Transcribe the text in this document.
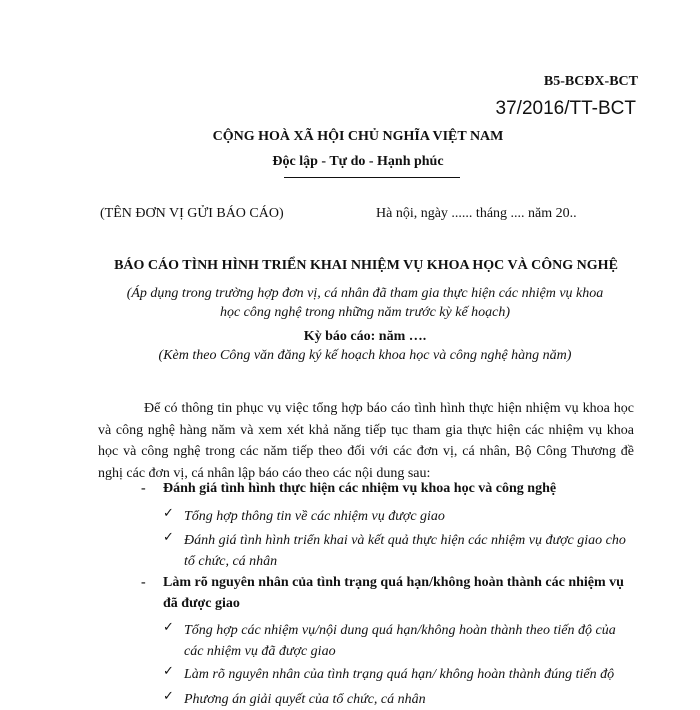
B5-BCĐX-BCT
37/2016/TT-BCT
CỘNG HOÀ XÃ HỘI CHỦ NGHĨA VIỆT NAM
Độc lập - Tự do - Hạnh phúc
(TÊN ĐƠN VỊ GỬI BÁO CÁO)	Hà nội, ngày ...... tháng .... năm 20..
BÁO CÁO TÌNH HÌNH TRIỂN KHAI NHIỆM VỤ KHOA HỌC VÀ CÔNG NGHỆ
(Áp dụng trong trường hợp đơn vị, cá nhân đã tham gia thực hiện các nhiệm vụ khoa học công nghệ trong những năm trước kỳ kế hoạch)
Kỳ báo cáo: năm ….
(Kèm theo Công văn đăng ký kế hoạch khoa học và công nghệ hàng năm)
Để có thông tin phục vụ việc tổng hợp báo cáo tình hình thực hiện nhiệm vụ khoa học và công nghệ hàng năm và xem xét khả năng tiếp tục tham gia thực hiện các nhiệm vụ khoa học và công nghệ trong các năm tiếp theo đối với các đơn vị, cá nhân, Bộ Công Thương đề nghị các đơn vị, cá nhân lập báo cáo theo các nội dung sau:
- Đánh giá tình hình thực hiện các nhiệm vụ khoa học và công nghệ
✓ Tổng hợp thông tin về các nhiệm vụ được giao
✓ Đánh giá tình hình triển khai và kết quả thực hiện các nhiệm vụ được giao cho tổ chức, cá nhân
- Làm rõ nguyên nhân của tình trạng quá hạn/không hoàn thành các nhiệm vụ
đã được giao
✓ Tổng hợp các nhiệm vụ/nội dung quá hạn/không hoàn thành theo tiến độ của các nhiệm vụ đã được giao
✓ Làm rõ nguyên nhân của tình trạng quá hạn/ không hoàn thành đúng tiến độ
✓ Phương án giải quyết của tổ chức, cá nhân
